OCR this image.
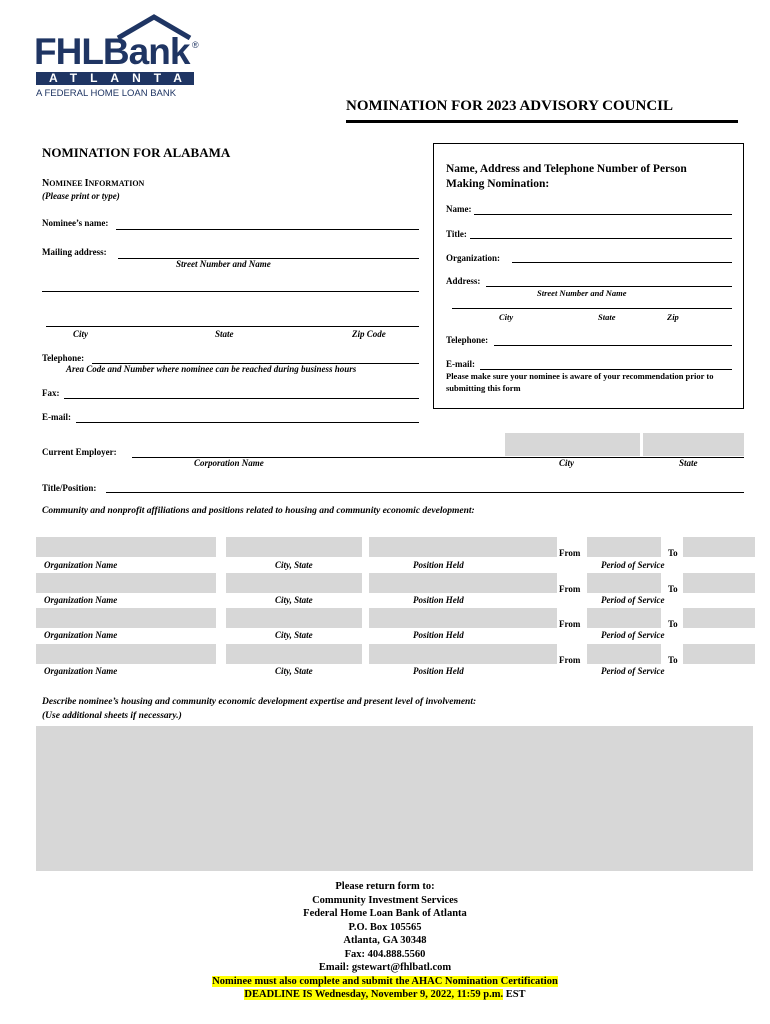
FHLBank ®
ATLANTA
A FEDERAL HOME LOAN BANK
NOMINATION FOR 2023 ADVISORY COUNCIL
NOMINATION FOR ALABAMA
NOMINEE INFORMATION
(Please print or type)
Nominee’s name:
Mailing address:
Street Number and Name
City	State	Zip Code
Telephone:
Area Code and Number where nominee can be reached during business hours
Fax:
E-mail:
Name, Address and Telephone Number of Person Making Nomination:
Name:
Title:
Organization:
Address:
Street Number and Name
City	State	Zip
Telephone:
E-mail:
Please make sure your nominee is aware of your recommendation prior to submitting this form
Current Employer:
Corporation Name	City	State
Title/Position:
Community and nonprofit affiliations and positions related to housing and community economic development:
From	To
Organization Name	City, State	Position Held	Period of Service
From	To
Organization Name	City, State	Position Held	Period of Service
From	To
Organization Name	City, State	Position Held	Period of Service
From	To
Organization Name	City, State	Position Held	Period of Service
Describe nominee’s housing and community economic development expertise and present level of involvement:
(Use additional sheets if necessary.)
Please return form to:
Community Investment Services
Federal Home Loan Bank of Atlanta
P.O. Box 105565
Atlanta, GA 30348
Fax: 404.888.5560
Email: gstewart@fhlbatl.com
Nominee must also complete and submit the AHAC Nomination Certification
DEADLINE IS Wednesday, November 9, 2022, 11:59 p.m. EST
